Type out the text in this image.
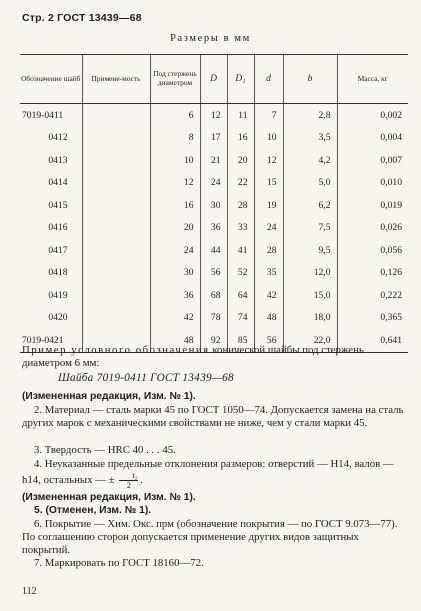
Стр. 2 ГОСТ 13439—68
Размеры в мм
Обозначение шайб	Примене-мость	Под стержень диаметром	D	D₁	d	b	Масса, кг
7019-0411		6	12	11	7	2,8	0,002
0412		8	17	16	10	3,5	0,004
0413		10	21	20	12	4,2	0,007
0414		12	24	22	15	5,0	0,010
0415		16	30	28	19	6,2	0,019
0416		20	36	33	24	7,5	0,026
0417		24	44	41	28	9,5	0,056
0418		30	56	52	35	12,0	0,126
0419		36	68	64	42	15,0	0,222
0420		42	78	74	48	18,0	0,365
7019-0421		48	92	85	56	22,0	0,641
Пример условного обозначения конической шайбы под стержень диаметром 6 мм:
Шайба 7019-0411 ГОСТ 13439—68
(Измененная редакция, Изм. № 1).
2. Материал — сталь марки 45 по ГОСТ 1050—74. Допускается замена на сталь других марок с механическими свойствами не ниже, чем у стали марки 45.
3. Твердость — HRC 40 . . . 45.
4. Неуказанные предельные отклонения размеров: отверстий — H14, валов — h14, остальных — ± $\frac{\text{t₂}}{2}$ .
(Измененная редакция, Изм. № 1).
5. (Отменен, Изм. № 1).
6. Покрытие — Хим. Окс. прм (обозначение покрытия — по ГОСТ 9.073—77). По соглашению сторон допускается применение других видов защитных покрытий.
7. Маркировать по ГОСТ 18160—72.
112
